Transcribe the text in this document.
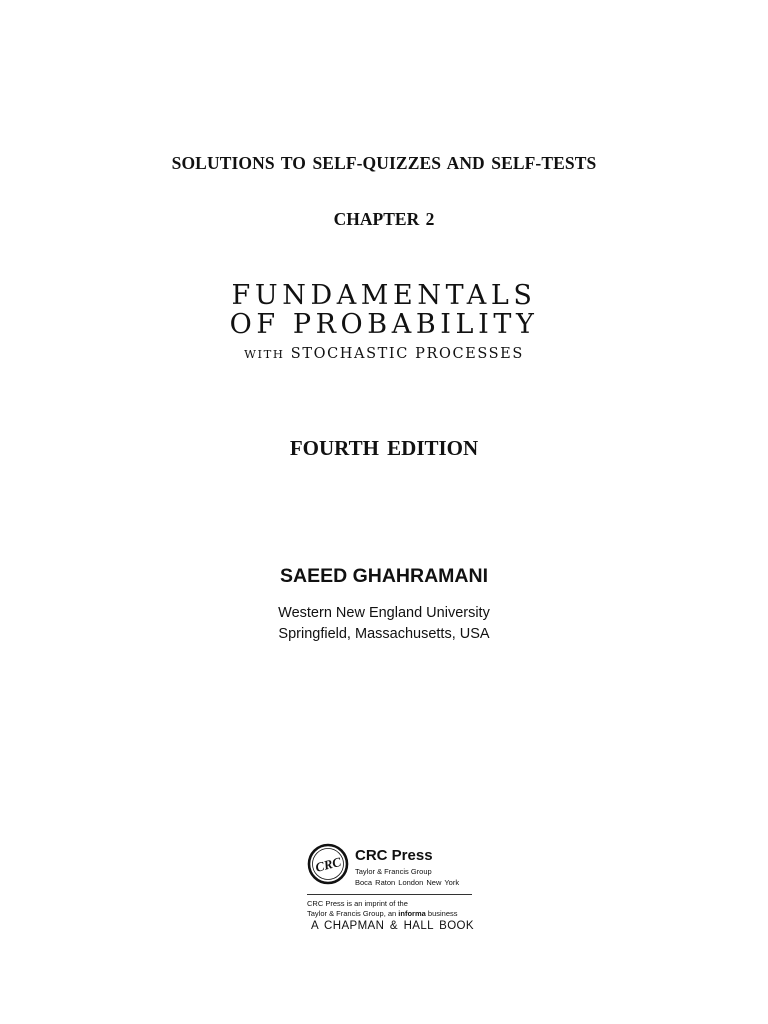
SOLUTIONS TO SELF-QUIZZES AND SELF-TESTS
CHAPTER 2
FUNDAMENTALS
OF PROBABILITY
WITH STOCHASTIC PROCESSES
FOURTH EDITION
SAEED GHAHRAMANI
Western New England University
Springfield, Massachusetts, USA
CRC CRC Press
Taylor & Francis Group
Boca Raton London New York
CRC Press is an imprint of the
Taylor & Francis Group, an informa business
A CHAPMAN & HALL BOOK
